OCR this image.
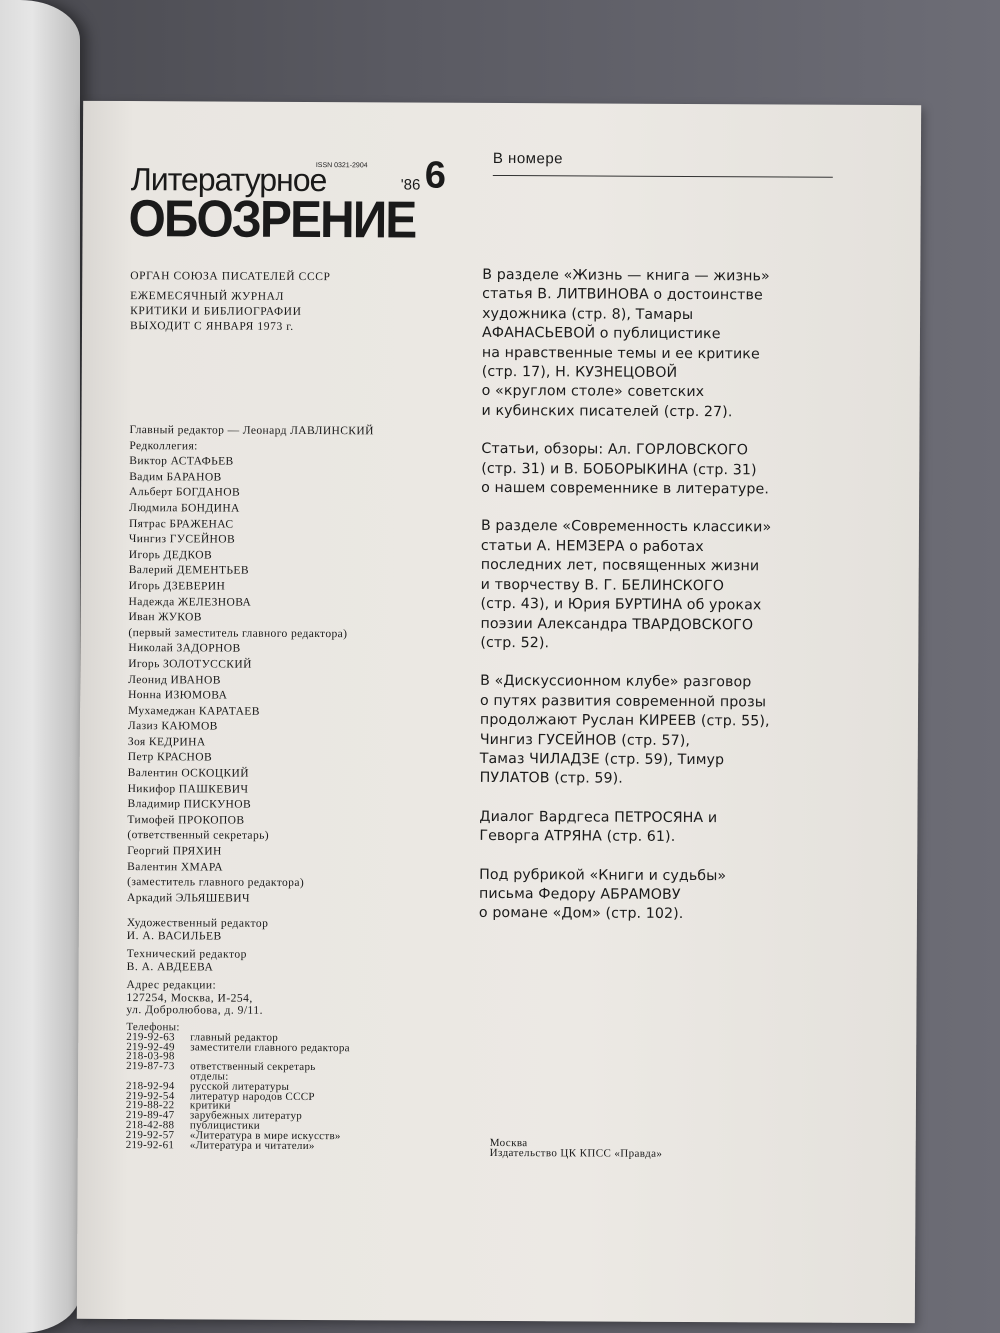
Литературное
ISSN 0321-2904
'86 6
ОБОЗРЕНИЕ
ОРГАН СОЮЗА ПИСАТЕЛЕЙ СССР
ЕЖЕМЕСЯЧНЫЙ ЖУРНАЛ
КРИТИКИ И БИБЛИОГРАФИИ
ВЫХОДИТ С ЯНВАРЯ 1973 г.
Главный редактор — Леонард ЛАВЛИНСКИЙ
Редколлегия:
Виктор АСТАФЬЕВ
Вадим БАРАНОВ
Альберт БОГДАНОВ
Людмила БОНДИНА
Пятрас БРАЖЕНАС
Чингиз ГУСЕЙНОВ
Игорь ДЕДКОВ
Валерий ДЕМЕНТЬЕВ
Игорь ДЗЕВЕРИН
Надежда ЖЕЛЕЗНОВА
Иван ЖУКОВ
(первый заместитель главного редактора)
Николай ЗАДОРНОВ
Игорь ЗОЛОТУССКИЙ
Леонид ИВАНОВ
Нонна ИЗЮМОВА
Мухамеджан КАРАТАЕВ
Лазиз КАЮМОВ
Зоя КЕДРИНА
Петр КРАСНОВ
Валентин ОСКОЦКИЙ
Никифор ПАШКЕВИЧ
Владимир ПИСКУНОВ
Тимофей ПРОКОПОВ
(ответственный секретарь)
Георгий ПРЯХИН
Валентин ХМАРА
(заместитель главного редактора)
Аркадий ЭЛЬЯШЕВИЧ
Художественный редактор
И. А. ВАСИЛЬЕВ
Технический редактор
В. А. АВДЕЕВА
Адрес редакции:
127254, Москва, И-254,
ул. Добролюбова, д. 9/11.
Телефоны:
219-92-63	главный редактор
219-92-49	заместители главного редактора
218-03-98
219-87-73	ответственный секретарь
отделы:
218-92-94	русской литературы
219-92-54	литератур народов СССР
219-88-22	критики
219-89-47	зарубежных литератур
218-42-88	публицистики
219-92-57	«Литература в мире искусств»
219-92-61	«Литература и читатели»
В номере
В разделе «Жизнь — книга — жизнь»
статья В. ЛИТВИНОВА о достоинстве
художника (стр. 8), Тамары
АФАНАСЬЕВОЙ о публицистике
на нравственные темы и ее критике
(стр. 17), Н. КУЗНЕЦОВОЙ
о «круглом столе» советских
и кубинских писателей (стр. 27).
Статьи, обзоры: Ал. ГОРЛОВСКОГО
(стр. 31) и В. БОБОРЫКИНА (стр. 31)
о нашем современнике в литературе.
В разделе «Современность классики»
статьи А. НЕМЗЕРА о работах
последних лет, посвященных жизни
и творчеству В. Г. БЕЛИНСКОГО
(стр. 43), и Юрия БУРТИНА об уроках
поэзии Александра ТВАРДОВСКОГО
(стр. 52).
В «Дискуссионном клубе» разговор
о путях развития современной прозы
продолжают Руслан КИРЕЕВ (стр. 55),
Чингиз ГУСЕЙНОВ (стр. 57),
Тамаз ЧИЛАДЗЕ (стр. 59), Тимур
ПУЛАТОВ (стр. 59).
Диалог Вардгеса ПЕТРОСЯНА и
Геворга АТРЯНА (стр. 61).
Под рубрикой «Книги и судьбы»
письма Федору АБРАМОВУ
о романе «Дом» (стр. 102).
Москва
Издательство ЦК КПСС «Правда»
